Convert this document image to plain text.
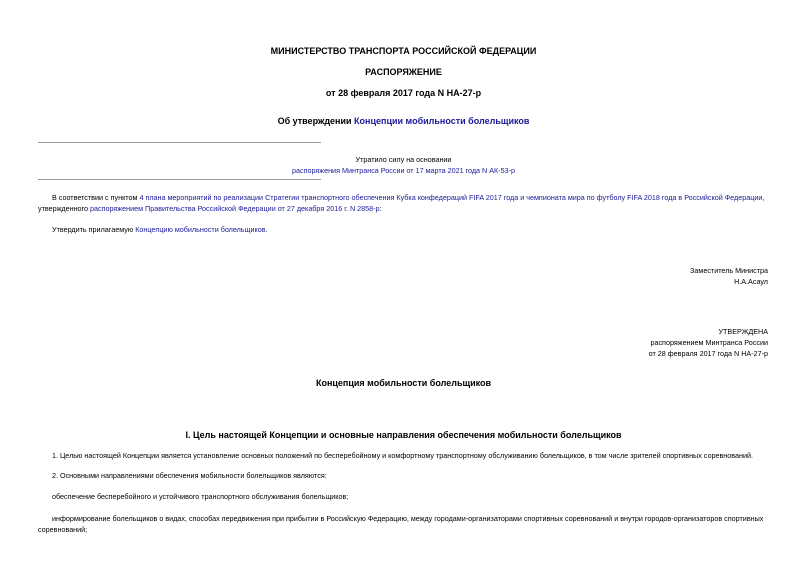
МИНИСТЕРСТВО ТРАНСПОРТА РОССИЙСКОЙ ФЕДЕРАЦИИ
РАСПОРЯЖЕНИЕ
от 28 февраля 2017 года N НА-27-р
Об утверждении Концепции мобильности болельщиков
Утратило силу на основании
распоряжения Минтранса России от 17 марта 2021 года N АК-53-р
В соответствии с пунктом 4 плана мероприятий по реализации Стратегии транспортного обеспечения Кубка конфедераций FIFA 2017 года и чемпионата мира по футболу FIFA 2018 года в Российской Федерации, утвержденного распоряжением Правительства Российской Федерации от 27 декабря 2016 г. N 2858-р:
Утвердить прилагаемую Концепцию мобильности болельщиков.
Заместитель Министра
Н.А.Асаул
УТВЕРЖДЕНА
распоряжением Минтранса России
от 28 февраля 2017 года N НА-27-р
Концепция мобильности болельщиков
I. Цель настоящей Концепции и основные направления обеспечения мобильности болельщиков
1. Целью настоящей Концепции является установление основных положений по бесперебойному и комфортному транспортному обслуживанию болельщиков, в том числе зрителей спортивных соревнований.
2. Основными направлениями обеспечения мобильности болельщиков являются:
обеспечение бесперебойного и устойчивого транспортного обслуживания болельщиков;
информирование болельщиков о видах, способах передвижения при прибытии в Российскую Федерацию, между городами-организаторами спортивных соревнований и внутри городов-организаторов спортивных соревнований;
